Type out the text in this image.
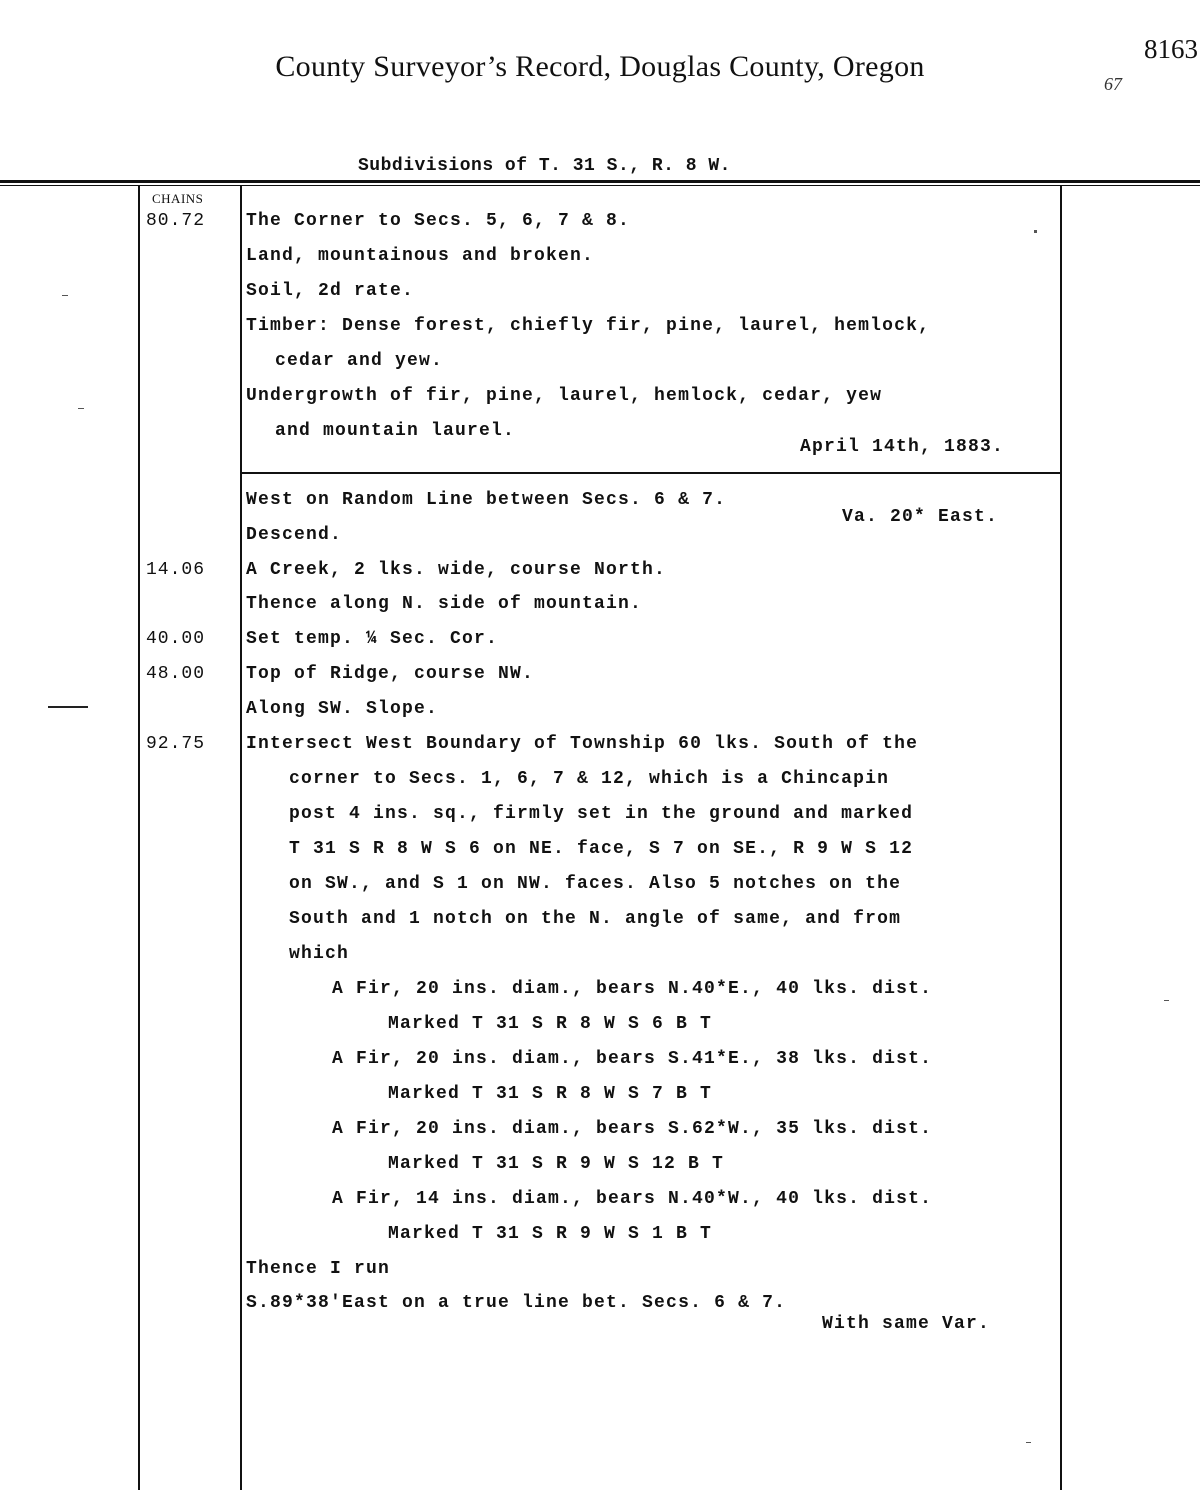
County Surveyor’s Record, Douglas County, Oregon
8163
67
Subdivisions of T. 31 S., R. 8 W.
CHAINS
80.72 The Corner to Secs. 5, 6, 7 & 8.
Land, mountainous and broken.
Soil, 2d rate.
Timber: Dense forest, chiefly fir, pine, laurel, hemlock,
cedar and yew.
Undergrowth of fir, pine, laurel, hemlock, cedar, yew
and mountain laurel.
April 14th, 1883.
West on Random Line between Secs. 6 & 7.
Va. 20* East.
Descend.
14.06 A Creek, 2 lks. wide, course North.
Thence along N. side of mountain.
40.00 Set temp. ¼ Sec. Cor.
48.00 Top of Ridge, course NW.
Along SW. Slope.
92.75 Intersect West Boundary of Township 60 lks. South of the
corner to Secs. 1, 6, 7 & 12, which is a Chincapin
post 4 ins. sq., firmly set in the ground and marked
T 31 S R 8 W S 6 on NE. face, S 7 on SE., R 9 W S 12
on SW., and S 1 on NW. faces. Also 5 notches on the
South and 1 notch on the N. angle of same, and from
which
A Fir, 20 ins. diam., bears N.40*E., 40 lks. dist.
Marked T 31 S R 8 W S 6 B T
A Fir, 20 ins. diam., bears S.41*E., 38 lks. dist.
Marked T 31 S R 8 W S 7 B T
A Fir, 20 ins. diam., bears S.62*W., 35 lks. dist.
Marked T 31 S R 9 W S 12 B T
A Fir, 14 ins. diam., bears N.40*W., 40 lks. dist.
Marked T 31 S R 9 W S 1 B T
Thence I run
S.89*38'East on a true line bet. Secs. 6 & 7.
With same Var.
